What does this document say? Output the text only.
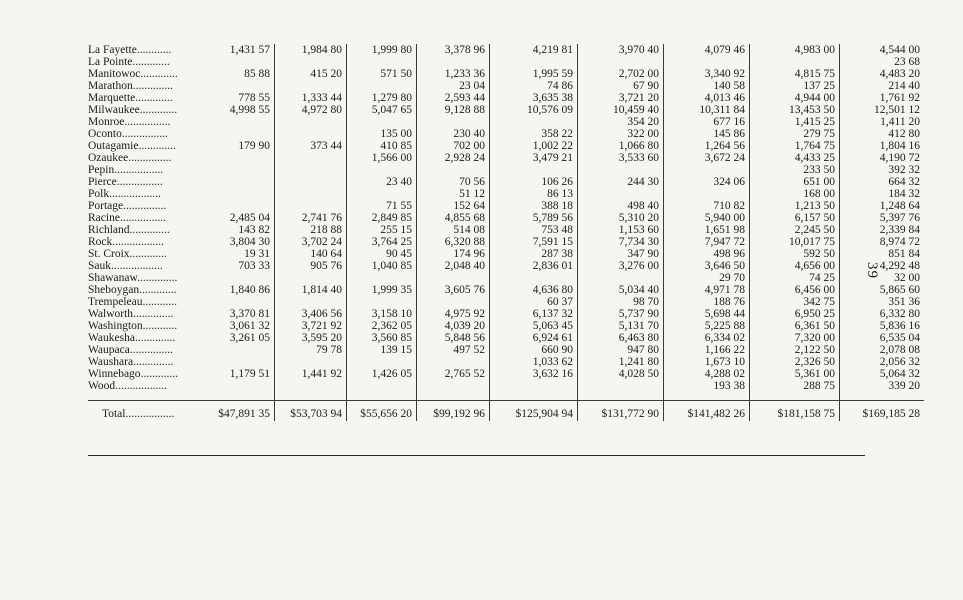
La Fayette............	1,431 57	1,984 80	1,999 80	3,378 96	4,219 81	3,970 40	4,079 46	4,983 00	4,544 00
La Pointe.............									23 68
Manitowoc.............	85 88	415 20	571 50	1,233 36	1,995 59	2,702 00	3,340 92	4,815 75	4,483 20
Marathon..............				23 04	74 86	67 90	140 58	137 25	214 40
Marquette.............	778 55	1,333 44	1,279 80	2,593 44	3,635 38	3,721 20	4,013 46	4,944 00	1,761 92
Milwaukee.............	4,998 55	4,972 80	5,047 65	9,128 88	10,576 09	10,459 40	10,311 84	13,453 50	12,501 12
Monroe................						354 20	677 16	1,415 25	1,411 20
Oconto................			135 00	230 40	358 22	322 00	145 86	279 75	412 80
Outagamie.............	179 90	373 44	410 85	702 00	1,002 22	1,066 80	1,264 56	1,764 75	1,804 16
Ozaukee...............			1,566 00	2,928 24	3,479 21	3,533 60	3,672 24	4,433 25	4,190 72
Pepin.................								233 50	392 32
Pierce................			23 40	70 56	106 26	244 30	324 06	651 00	664 32
Polk..................				51 12	86 13			168 00	184 32
Portage...............			71 55	152 64	388 18	498 40	710 82	1,213 50	1,248 64
Racine................	2,485 04	2,741 76	2,849 85	4,855 68	5,789 56	5,310 20	5,940 00	6,157 50	5,397 76
Richland..............	143 82	218 88	255 15	514 08	753 48	1,153 60	1,651 98	2,245 50	2,339 84
Rock..................	3,804 30	3,702 24	3,764 25	6,320 88	7,591 15	7,734 30	7,947 72	10,017 75	8,974 72
St. Croix.............	19 31	140 64	90 45	174 96	287 38	347 90	498 96	592 50	851 84
Sauk..................	703 33	905 76	1,040 85	2,048 40	2,836 01	3,276 00	3,646 50	4,656 00	4,292 48
Shawanaw..............							29 70	74 25	32 00
Sheboygan.............	1,840 86	1,814 40	1,999 35	3,605 76	4,636 80	5,034 40	4,971 78	6,456 00	5,865 60
Trempeleau............					60 37	98 70	188 76	342 75	351 36
Walworth..............	3,370 81	3,406 56	3,158 10	4,975 92	6,137 32	5,737 90	5,698 44	6,950 25	6,332 80
Washington............	3,061 32	3,721 92	2,362 05	4,039 20	5,063 45	5,131 70	5,225 88	6,361 50	5,836 16
Waukesha..............	3,261 05	3,595 20	3,560 85	5,848 56	6,924 61	6,463 80	6,334 02	7,320 00	6,535 04
Waupaca...............		79 78	139 15	497 52	660 90	947 80	1,166 22	2,122 50	2,078 08
Waushara..............					1,033 62	1,241 80	1,673 10	2,326 50	2,056 32
Winnebago.............	1,179 51	1,441 92	1,426 05	2,765 52	3,632 16	4,028 50	4,288 02	5,361 00	5,064 32
Wood..................							193 38	288 75	339 20

Total.................	$47,891 35	$53,703 94	$55,656 20	$99,192 96	$125,904 94	$131,772 90	$141,482 26	$181,158 75	$169,185 28
39
